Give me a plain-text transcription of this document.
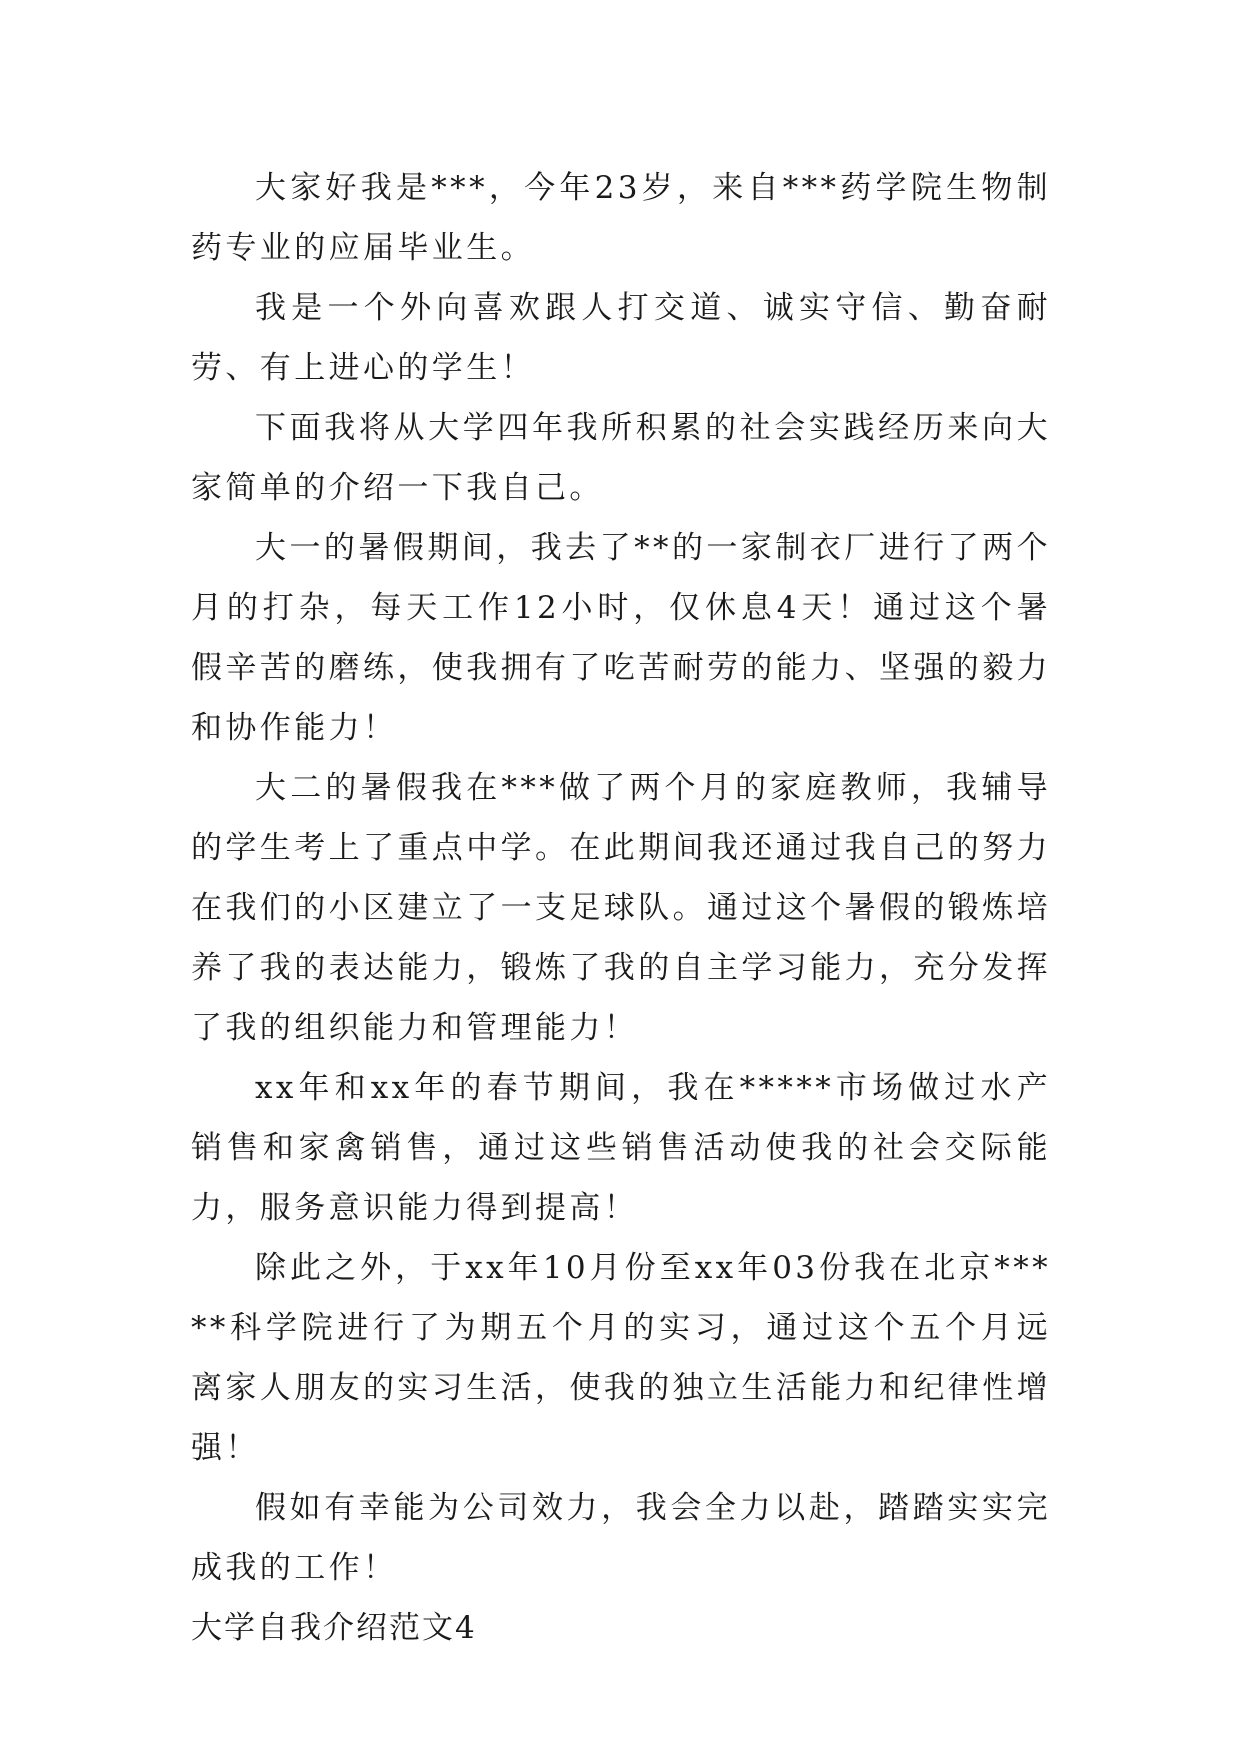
大家好我是***，今年23岁，来自***药学院生物制药专业的应届毕业生。

我是一个外向喜欢跟人打交道、诚实守信、勤奋耐劳、有上进心的学生！

下面我将从大学四年我所积累的社会实践经历来向大家简单的介绍一下我自己。

大一的暑假期间，我去了**的一家制衣厂进行了两个月的打杂，每天工作12小时，仅休息4天！通过这个暑假辛苦的磨练，使我拥有了吃苦耐劳的能力、坚强的毅力和协作能力！

大二的暑假我在***做了两个月的家庭教师，我辅导的学生考上了重点中学。在此期间我还通过我自己的努力在我们的小区建立了一支足球队。通过这个暑假的锻炼培养了我的表达能力，锻炼了我的自主学习能力，充分发挥了我的组织能力和管理能力！

xx年和xx年的春节期间，我在*****市场做过水产销售和家禽销售，通过这些销售活动使我的社会交际能力，服务意识能力得到提高！

除此之外，于xx年10月份至xx年03份我在北京*****科学院进行了为期五个月的实习，通过这个五个月远离家人朋友的实习生活，使我的独立生活能力和纪律性增强！

假如有幸能为公司效力，我会全力以赴，踏踏实实完成我的工作！

大学自我介绍范文4
